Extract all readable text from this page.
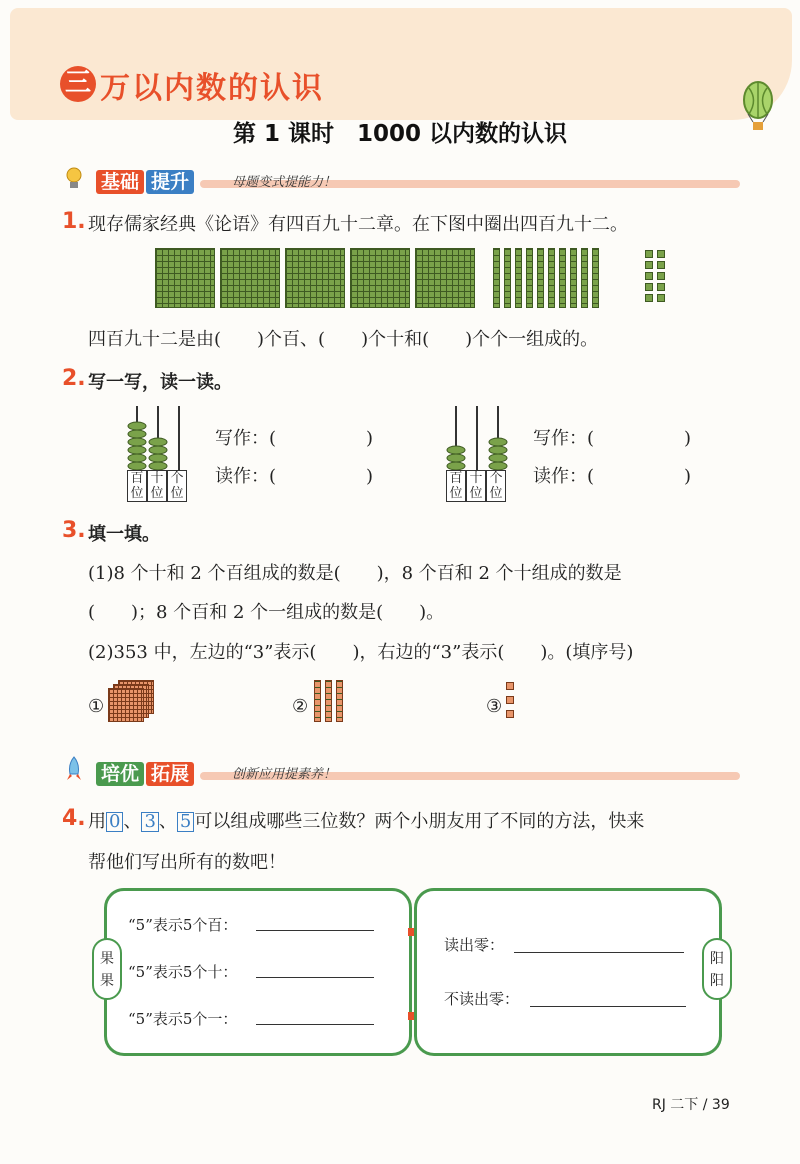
三 万以内数的认识
第 1 课时　1000 以内数的认识
基础 提升	母题变式提能力！
1. 现存儒家经典《论语》有四百九十二章。在下图中圈出四百九十二。
四百九十二是由(　　)个百、(　　)个十和(　　)个个一组成的。
2. 写一写，读一读。
百位
十位
个位
写作：(　　　　　)
读作：(　　　　　)	百位
十位
个位
写作：(　　　　　)
读作：(　　　　　)
3. 填一填。
(1)8 个十和 2 个百组成的数是(　　)，8 个百和 2 个十组成的数是
(　　)；8 个百和 2 个一组成的数是(　　)。
(2)353 中，左边的“3”表示(　　)，右边的“3”表示(　　)。(填序号)
①	②	③
培优 拓展	创新应用提素养！
4. 用 0 、 3 、 5 可以组成哪些三位数？两个小朋友用了不同的方法，快来
帮他们写出所有的数吧！
果果
阳阳
“5”表示5个百：
“5”表示5个十：
“5”表示5个一：
读出零：
不读出零：
RJ 二下 / 39
